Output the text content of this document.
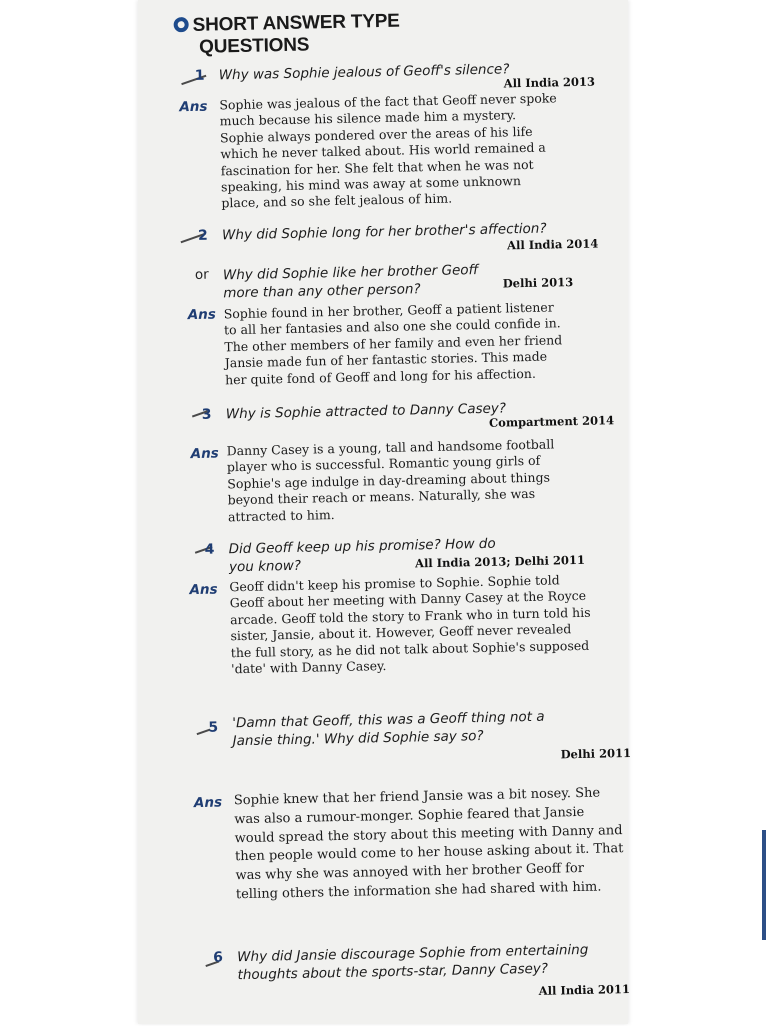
SHORT ANSWER TYPE
QUESTIONS
1 Why was Sophie jealous of Geoff's silence?
All India 2013
Ans Sophie was jealous of the fact that Geoff never spoke much because his silence made him a mystery. Sophie always pondered over the areas of his life which he never talked about. His world remained a fascination for her. She felt that when he was not speaking, his mind was away at some unknown place, and so she felt jealous of him.
2 Why did Sophie long for her brother's affection?
All India 2014
or Why did Sophie like her brother Geoff more than any other person?	Delhi 2013
Ans Sophie found in her brother, Geoff a patient listener to all her fantasies and also one she could confide in. The other members of her family and even her friend Jansie made fun of her fantastic stories. This made her quite fond of Geoff and long for his affection.
3 Why is Sophie attracted to Danny Casey?
Compartment 2014
Ans Danny Casey is a young, tall and handsome football player who is successful. Romantic young girls of Sophie's age indulge in day-dreaming about things beyond their reach or means. Naturally, she was attracted to him.
4 Did Geoff keep up his promise? How do you know?	All India 2013; Delhi 2011
Ans Geoff didn't keep his promise to Sophie. Sophie told Geoff about her meeting with Danny Casey at the Royce arcade. Geoff told the story to Frank who in turn told his sister, Jansie, about it. However, Geoff never revealed the full story, as he did not talk about Sophie's supposed 'date' with Danny Casey.
5 'Damn that Geoff, this was a Geoff thing not a Jansie thing.' Why did Sophie say so?
Delhi 2011
Ans Sophie knew that her friend Jansie was a bit nosey. She was also a rumour-monger. Sophie feared that Jansie would spread the story about this meeting with Danny and then people would come to her house asking about it. That was why she was annoyed with her brother Geoff for telling others the information she had shared with him.
6 Why did Jansie discourage Sophie from entertaining thoughts about the sports-star, Danny Casey?
All India 2011
